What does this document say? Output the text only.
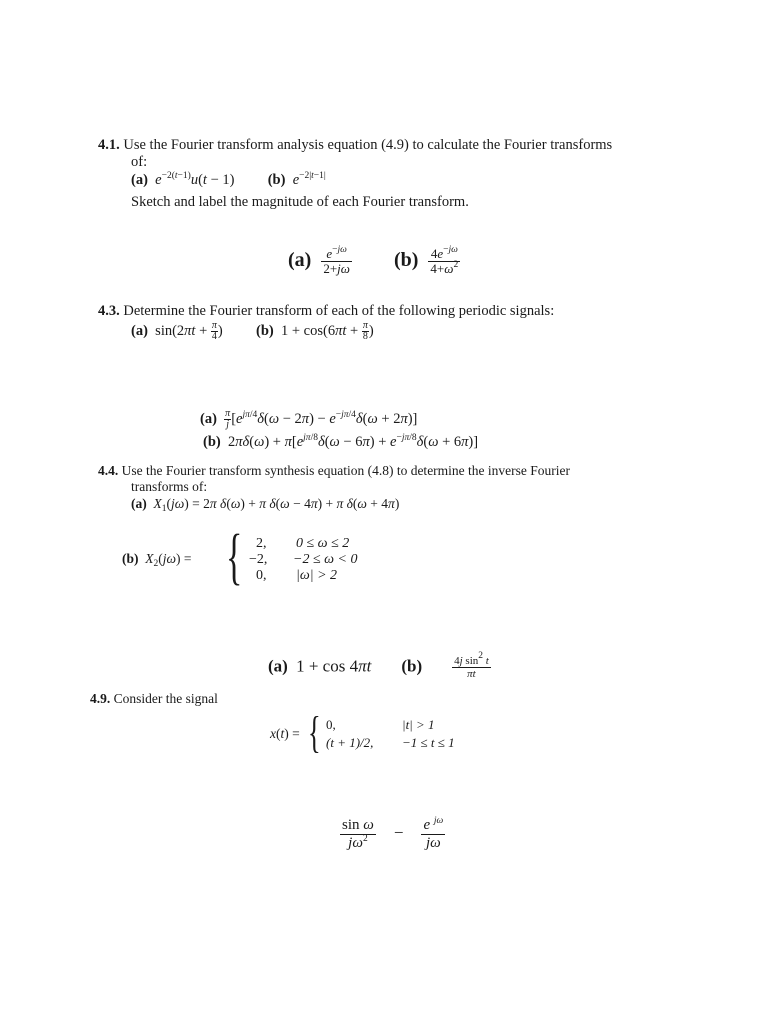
4.1. Use the Fourier transform analysis equation (4.9) to calculate the Fourier transforms
of:
(a) $e^{-2(t-1)}u(t - 1)$ (b) $e^{-2|t-1|}$
Sketch and label the magnitude of each Fourier transform.
$(a) \frac{e^{-j\omega}}{2+j\omega} (b) \frac{4e^{-j\omega}}{4+\omega^2}$
4.3. Determine the Fourier transform of each of the following periodic signals:
(a)  $\sin(2\pi t + \frac{\pi}{4}$ ) (b)  $1 + \cos(6\pi t + \frac{\pi}{8}$ )
$(a) \frac{\pi}{j} [e^{j\pi/4}\delta(\omega - 2\pi) - e^{-j\pi/4}\delta(\omega + 2\pi)]$
(b)  $2\pi\delta(\omega) + \pi[e^{j\pi/8}\delta(\omega - 6\pi) + e^{-j\pi/8}\delta(\omega + 6\pi)]$
4.4. Use the Fourier transform synthesis equation (4.8) to determine the inverse Fourier
transforms of:
(a) $X_1(j\omega) = 2\pi$ δ(ω) + π δ(ω − 4π) + π δ(ω + 4π)
(b) $X_2(j\omega)$ = { 2, 0 ≤ ω ≤ 2
−2, −2 ≤ ω < 0
0, |ω| > 2
(a)  1 + cos 4πt (b)	$\frac{\text{4j sin2 t}}{\pi t}$
4.9. Consider the signal
x(t) = { 0,	|t| > 1
(t + 1)/2, −1 ≤ t ≤ 1
$\frac{\text{sin ω}}{j\omega^2} - \frac{e ^{j\omega}}{j\omega}$
